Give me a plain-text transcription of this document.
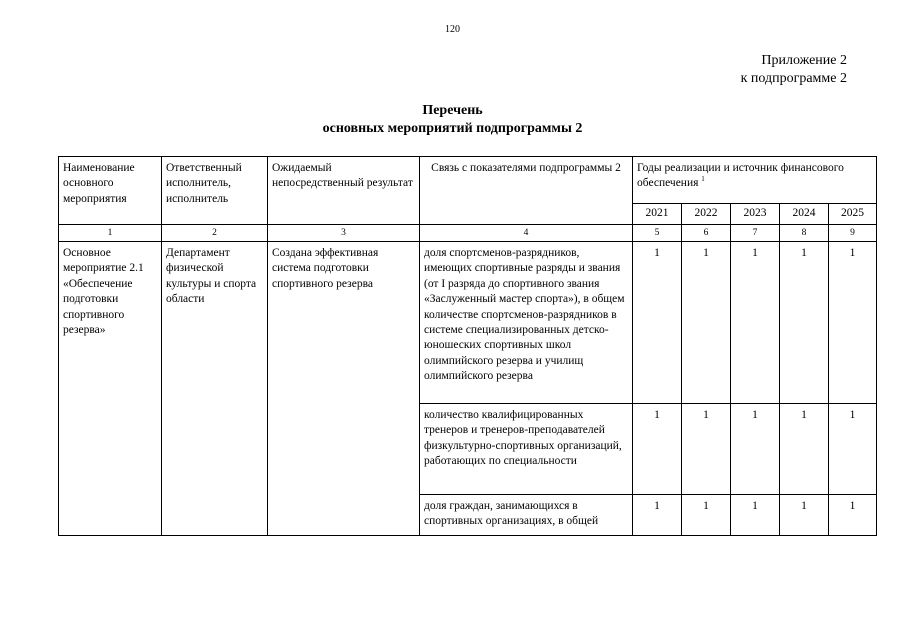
120
Приложение 2
к подпрограмме 2
Перечень
основных мероприятий подпрограммы 2
Наименование основного мероприятия	Ответственный исполнитель, исполнитель	Ожидаемый непосредственный результат	Связь с показателями подпрограммы 2	Годы реализации и источник финансового обеспечения $^1$
				2021	2022	2023	2024	2025
1	2	3	4	5	6	7	8	9
Основное мероприятие 2.1 «Обеспечение подготовки спортивного резерва»	Департамент физической культуры и спорта области	Создана эффективная система подготовки спортивного резерва	доля спортсменов-разрядников, имеющих спортивные разряды и звания (от I разряда до спортивного звания «Заслуженный мастер спорта»), в общем количестве спортсменов-разрядников в системе специализированных детско-юношеских спортивных школ олимпийского резерва и училищ олимпийского резерва	1	1	1	1	1
			количество квалифицированных тренеров и тренеров-преподавателей физкультурно-спортивных организаций, работающих по специальности	1	1	1	1	1
			доля граждан, занимающихся в спортивных организациях, в общей	1	1	1	1	1
